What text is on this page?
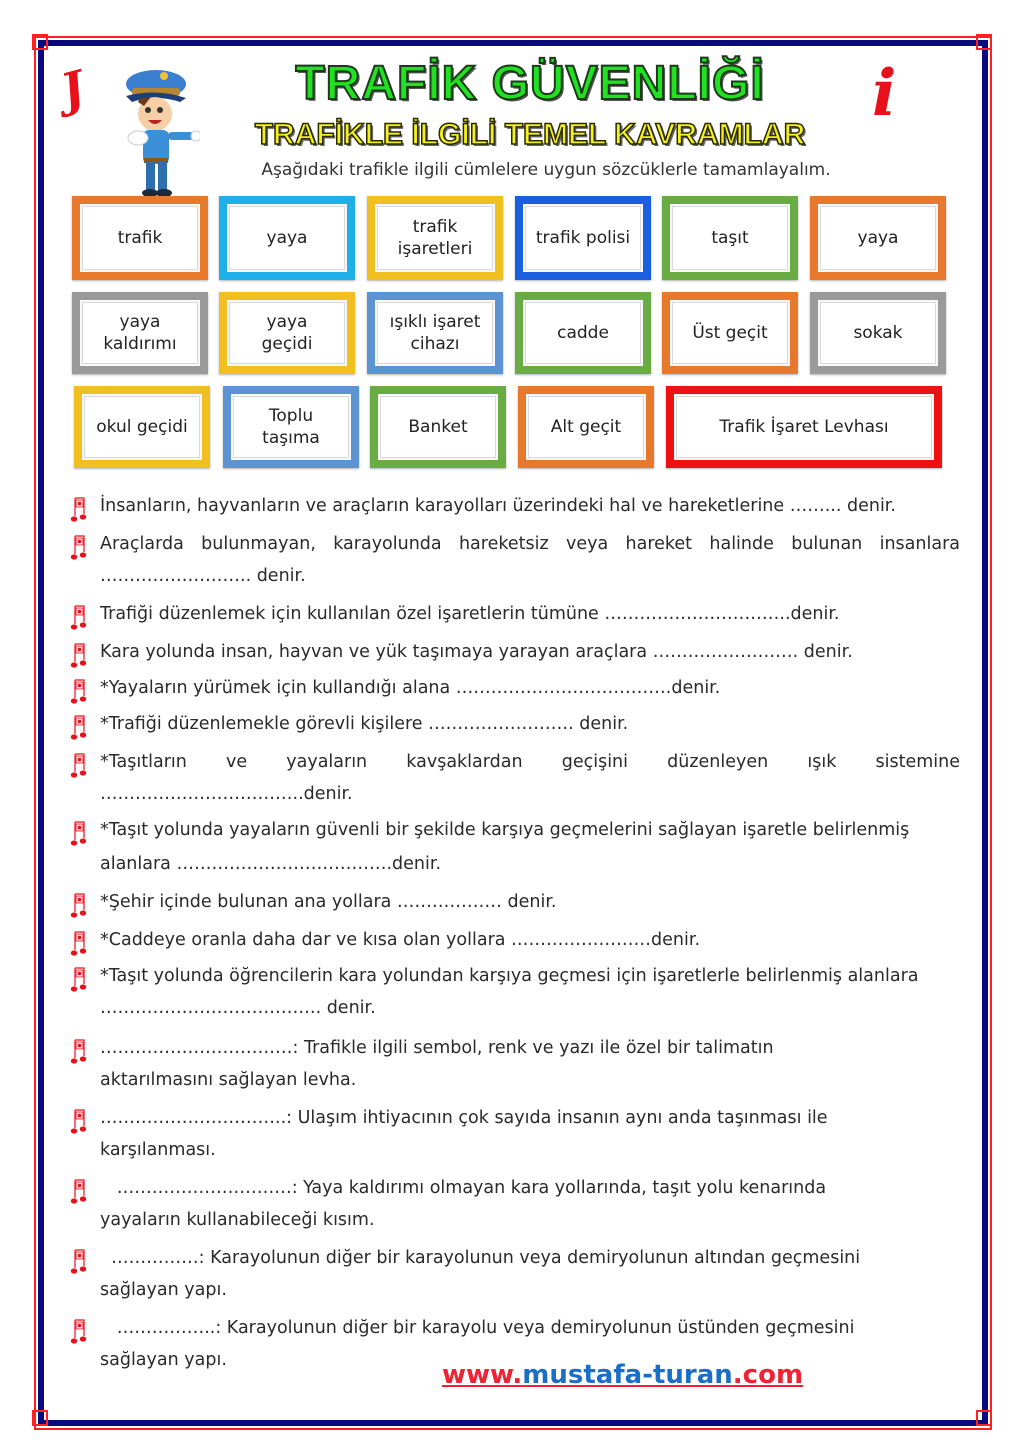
J	i
TRAFİK GÜVENLİĞİ
TRAFİKLE İLGİLİ TEMEL KAVRAMLAR
Aşağıdaki trafikle ilgili cümlelere uygun sözcüklerle tamamlayalım.
trafik	yaya
trafik işaretleri
trafik polisi	taşıt	yaya
yaya kaldırımı
yaya geçidi
ışıklı işaret cihazı
cadde	Üst geçit	sokak
okul geçidi
Toplu taşıma
Banket	Alt geçit	Trafik İşaret Levhası
İnsanların, hayvanların ve araçların karayolları üzerindeki hal ve hareketlerine ……... denir.
Araçlarda bulunmayan, karayolunda hareketsiz veya hareket halinde bulunan insanlara
…………………….. denir.
Trafiği düzenlemek için kullanılan özel işaretlerin tümüne …………………………..denir.
Kara yolunda insan, hayvan ve yük taşımaya yarayan araçlara ……………………. denir.
*Yayaların yürümek için kullandığı alana ……………………………….denir.
*Trafiği düzenlemekle görevli kişilere ……………………. denir.
*Taşıtların ve yayaların kavşaklardan geçişini düzenleyen ışık sistemine
……………………………..denir.
*Taşıt yolunda yayaların güvenli bir şekilde karşıya geçmelerini sağlayan işaretle belirlenmiş
alanlara ……………………………….denir.
*Şehir içinde bulunan ana yollara ……………… denir.
*Caddeye oranla daha dar ve kısa olan yollara ……………………denir.
*Taşıt yolunda öğrencilerin kara yolundan karşıya geçmesi için işaretlerle belirlenmiş alanlara
……………………………….. denir.
……………………………: Trafikle ilgili sembol, renk ve yazı ile özel bir talimatın
aktarılmasını sağlayan levha.
…………………………..: Ulaşım ihtiyacının çok sayıda insanın aynı anda taşınması ile
karşılanması.
…………………………: Yaya kaldırımı olmayan kara yollarında, taşıt yolu kenarında
yayaların kullanabileceği kısım.
……………: Karayolunun diğer bir karayolunun veya demiryolunun altından geçmesini
sağlayan yapı.
……………..: Karayolunun diğer bir karayolu veya demiryolunun üstünden geçmesini
sağlayan yapı.	www.mustafa-turan.com
